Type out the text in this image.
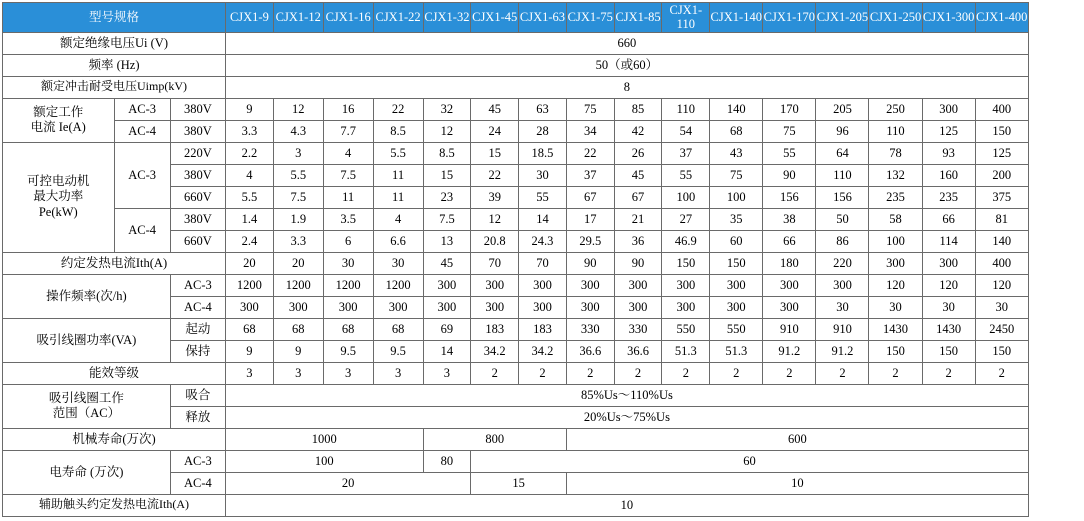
型号规格			CJX1-9	CJX1-12	CJX1-16	CJX1-22	CJX1-32	CJX1-45	CJX1-63	CJX1-75	CJX1-85	CJX1-110	CJX1-140	CJX1-170	CJX1-205	CJX1-250	CJX1-300	CJX1-400
额定绝缘电压Ui (V)			660															
频率 (Hz)			50（或60）															
额定冲击耐受电压Uimp(kV)			8															

额定工作
电流 Ie(A)	AC-3	380V	9	12	16	22	32	45	63	75	85	110	140	170	205	250	300	400
	AC-4	380V	3.3	4.3	7.7	8.5	12	24	28	34	42	54	68	75	96	110	125	150

可控电动机
最大功率
Pe(kW)	AC-3	220V	2.2	3	4	5.5	8.5	15	18.5	22	26	37	43	55	64	78	93	125
		380V	4	5.5	7.5	11	15	22	30	37	45	55	75	90	110	132	160	200
		660V	5.5	7.5	11	11	23	39	55	67	67	100	100	156	156	235	235	375
	AC-4	380V	1.4	1.9	3.5	4	7.5	12	14	17	21	27	35	38	50	58	66	81
		660V	2.4	3.3	6	6.6	13	20.8	24.3	29.5	36	46.9	60	66	86	100	114	140
约定发热电流Ith(A)			20	20	30	30	45	70	70	90	90	150	150	180	220	300	300	400
操作频率(次/h)		AC-3	1200	1200	1200	1200	300	300	300	300	300	300	300	300	300	120	120	120
		AC-4	300	300	300	300	300	300	300	300	300	300	300	300	30	30	30	30
吸引线圈功率(VA)		起动	68	68	68	68	69	183	183	330	330	550	550	910	910	1430	1430	2450
		保持	9	9	9.5	9.5	14	34.2	34.2	36.6	36.6	51.3	51.3	91.2	91.2	150	150	150
能效等级			3	3	3	3	3	2	2	2	2	2	2	2	2	2	2	2

吸引线圈工作
范围（AC）		吸合	85%Us～110%Us															
		释放	20%Us～75%Us															
机械寿命(万次)			1000				800			600								
电寿命 (万次)		AC-3	100				80	60										
		AC-4	20					15		10								
辅助触头约定发热电流Ith(A)			10															
